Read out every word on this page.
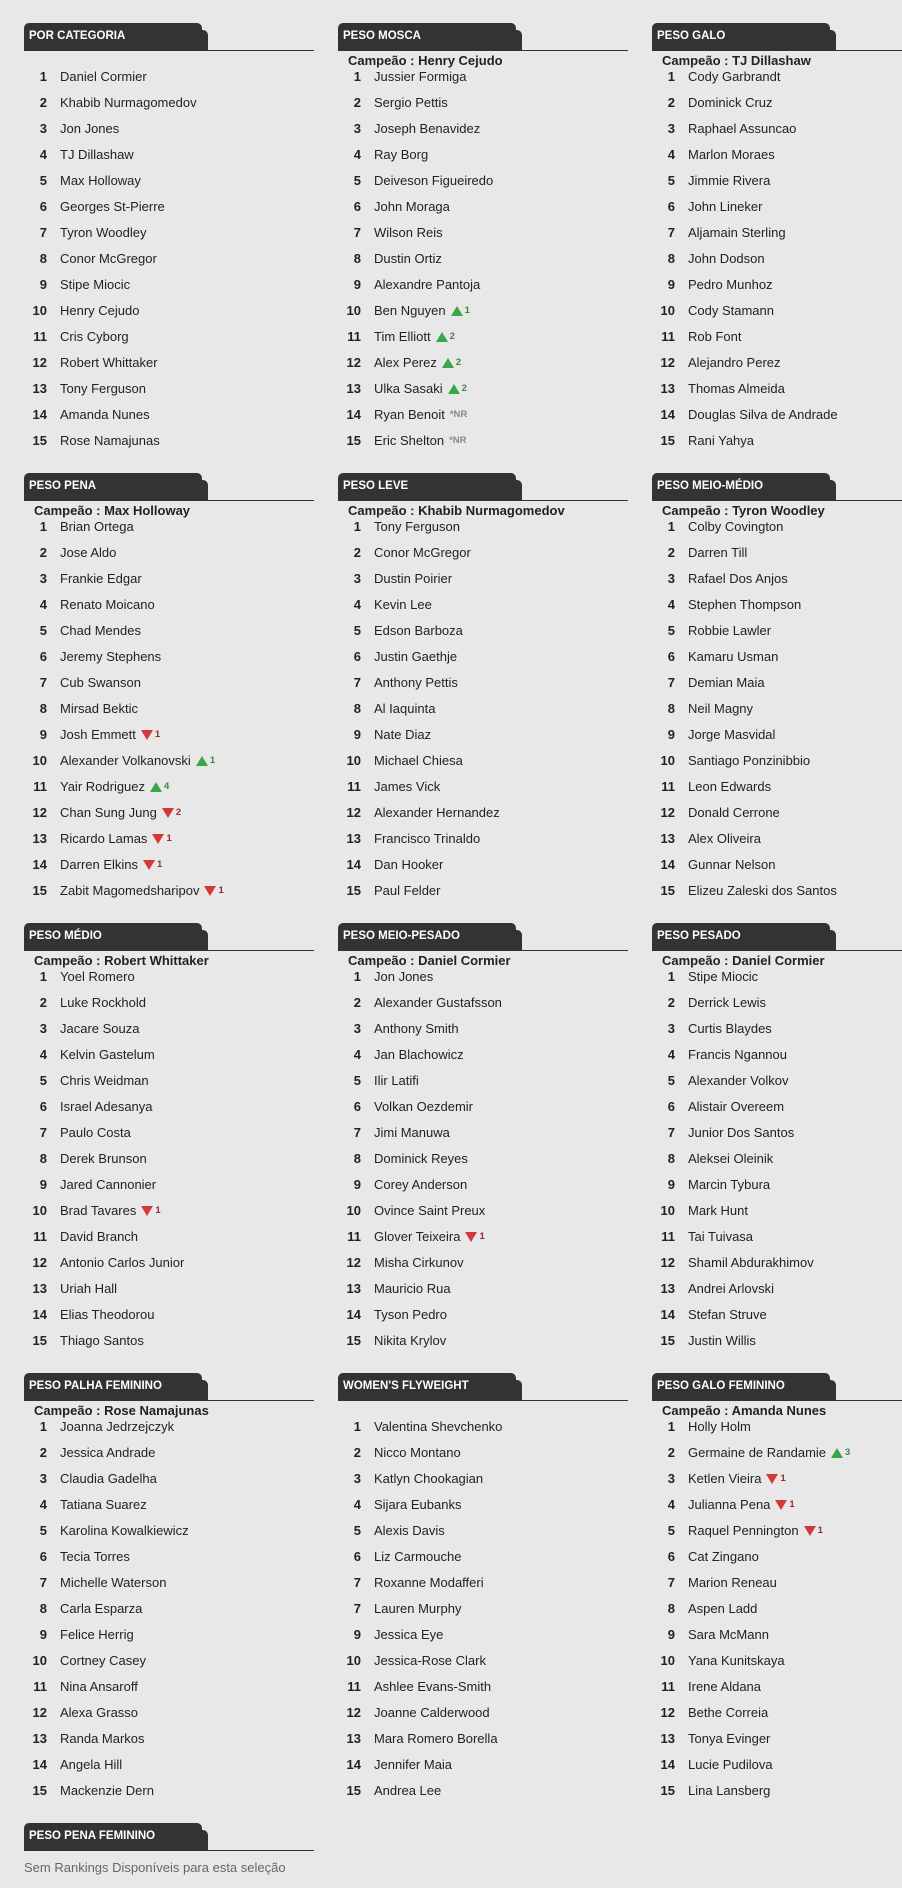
POR CATEGORIA
1	Daniel Cormier
2	Khabib Nurmagomedov
3	Jon Jones
4	TJ Dillashaw
5	Max Holloway
6	Georges St-Pierre
7	Tyron Woodley
8	Conor McGregor
9	Stipe Miocic
10	Henry Cejudo
11	Cris Cyborg
12	Robert Whittaker
13	Tony Ferguson
14	Amanda Nunes
15	Rose Namajunas
PESO MOSCA
Campeão : Henry Cejudo
1	Jussier Formiga
2	Sergio Pettis
3	Joseph Benavidez
4	Ray Borg
5	Deiveson Figueiredo
6	John Moraga
7	Wilson Reis
8	Dustin Ortiz
9	Alexandre Pantoja
10	Ben Nguyen 1
11	Tim Elliott 2
12	Alex Perez 2
13	Ulka Sasaki 2
14	Ryan Benoit *NR
15	Eric Shelton *NR
PESO GALO
Campeão : TJ Dillashaw
1	Cody Garbrandt
2	Dominick Cruz
3	Raphael Assuncao
4	Marlon Moraes
5	Jimmie Rivera
6	John Lineker
7	Aljamain Sterling
8	John Dodson
9	Pedro Munhoz
10	Cody Stamann
11	Rob Font
12	Alejandro Perez
13	Thomas Almeida
14	Douglas Silva de Andrade
15	Rani Yahya
PESO PENA
Campeão : Max Holloway
1	Brian Ortega
2	Jose Aldo
3	Frankie Edgar
4	Renato Moicano
5	Chad Mendes
6	Jeremy Stephens
7	Cub Swanson
8	Mirsad Bektic
9	Josh Emmett 1
10	Alexander Volkanovski 1
11	Yair Rodriguez 4
12	Chan Sung Jung 2
13	Ricardo Lamas 1
14	Darren Elkins 1
15	Zabit Magomedsharipov 1
PESO LEVE
Campeão : Khabib Nurmagomedov
1	Tony Ferguson
2	Conor McGregor
3	Dustin Poirier
4	Kevin Lee
5	Edson Barboza
6	Justin Gaethje
7	Anthony Pettis
8	Al Iaquinta
9	Nate Diaz
10	Michael Chiesa
11	James Vick
12	Alexander Hernandez
13	Francisco Trinaldo
14	Dan Hooker
15	Paul Felder
PESO MEIO-MÉDIO
Campeão : Tyron Woodley
1	Colby Covington
2	Darren Till
3	Rafael Dos Anjos
4	Stephen Thompson
5	Robbie Lawler
6	Kamaru Usman
7	Demian Maia
8	Neil Magny
9	Jorge Masvidal
10	Santiago Ponzinibbio
11	Leon Edwards
12	Donald Cerrone
13	Alex Oliveira
14	Gunnar Nelson
15	Elizeu Zaleski dos Santos
PESO MÉDIO
Campeão : Robert Whittaker
1	Yoel Romero
2	Luke Rockhold
3	Jacare Souza
4	Kelvin Gastelum
5	Chris Weidman
6	Israel Adesanya
7	Paulo Costa
8	Derek Brunson
9	Jared Cannonier
10	Brad Tavares 1
11	David Branch
12	Antonio Carlos Junior
13	Uriah Hall
14	Elias Theodorou
15	Thiago Santos
PESO MEIO-PESADO
Campeão : Daniel Cormier
1	Jon Jones
2	Alexander Gustafsson
3	Anthony Smith
4	Jan Blachowicz
5	Ilir Latifi
6	Volkan Oezdemir
7	Jimi Manuwa
8	Dominick Reyes
9	Corey Anderson
10	Ovince Saint Preux
11	Glover Teixeira 1
12	Misha Cirkunov
13	Mauricio Rua
14	Tyson Pedro
15	Nikita Krylov
PESO PESADO
Campeão : Daniel Cormier
1	Stipe Miocic
2	Derrick Lewis
3	Curtis Blaydes
4	Francis Ngannou
5	Alexander Volkov
6	Alistair Overeem
7	Junior Dos Santos
8	Aleksei Oleinik
9	Marcin Tybura
10	Mark Hunt
11	Tai Tuivasa
12	Shamil Abdurakhimov
13	Andrei Arlovski
14	Stefan Struve
15	Justin Willis
PESO PALHA FEMININO
Campeão : Rose Namajunas
1	Joanna Jedrzejczyk
2	Jessica Andrade
3	Claudia Gadelha
4	Tatiana Suarez
5	Karolina Kowalkiewicz
6	Tecia Torres
7	Michelle Waterson
8	Carla Esparza
9	Felice Herrig
10	Cortney Casey
11	Nina Ansaroff
12	Alexa Grasso
13	Randa Markos
14	Angela Hill
15	Mackenzie Dern
WOMEN'S FLYWEIGHT
1	Valentina Shevchenko
2	Nicco Montano
3	Katlyn Chookagian
4	Sijara Eubanks
5	Alexis Davis
6	Liz Carmouche
7	Roxanne Modafferi
7	Lauren Murphy
9	Jessica Eye
10	Jessica-Rose Clark
11	Ashlee Evans-Smith
12	Joanne Calderwood
13	Mara Romero Borella
14	Jennifer Maia
15	Andrea Lee
PESO GALO FEMININO
Campeão : Amanda Nunes
1	Holly Holm
2	Germaine de Randamie 3
3	Ketlen Vieira 1
4	Julianna Pena 1
5	Raquel Pennington 1
6	Cat Zingano
7	Marion Reneau
8	Aspen Ladd
9	Sara McMann
10	Yana Kunitskaya
11	Irene Aldana
12	Bethe Correia
13	Tonya Evinger
14	Lucie Pudilova
15	Lina Lansberg
PESO PENA FEMININO
Sem Rankings Disponíveis para esta seleção
